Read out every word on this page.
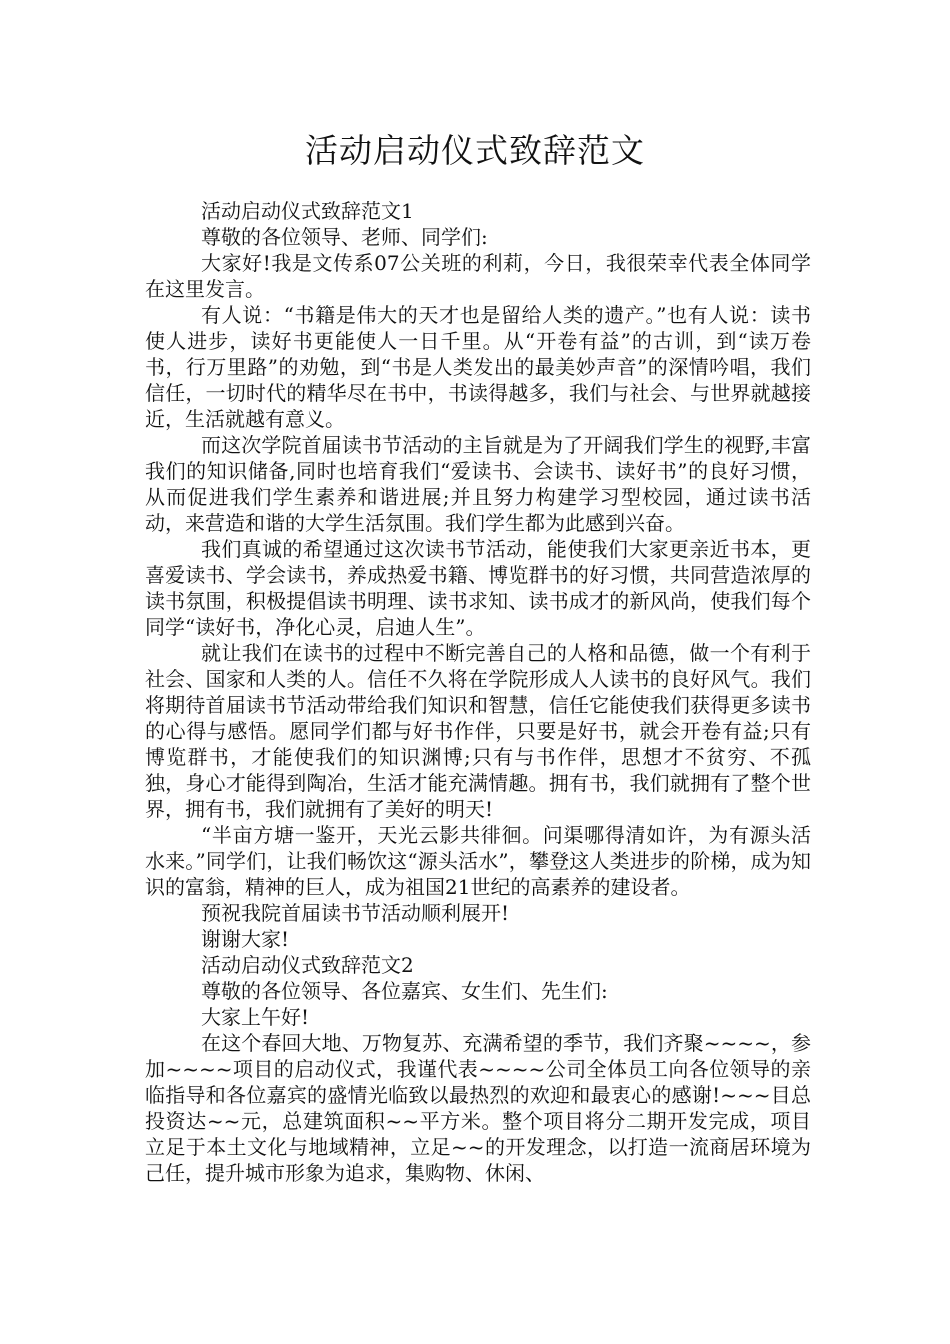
活动启动仪式致辞范文

活动启动仪式致辞范文1

尊敬的各位领导、老师、同学们:

大家好!我是文传系07公关班的利莉，今日，我很荣幸代表全体同学在这里发言。

有人说：“书籍是伟大的天才也是留给人类的遗产。”也有人说：读书使人进步，读好书更能使人一日千里。从“开卷有益”的古训，到“读万卷书，行万里路”的劝勉，到“书是人类发出的最美妙声音”的深情吟唱，我们信任，一切时代的精华尽在书中，书读得越多，我们与社会、与世界就越接近，生活就越有意义。

而这次学院首届读书节活动的主旨就是为了开阔我们学生的视野,丰富我们的知识储备,同时也培育我们“爱读书、会读书、读好书”的良好习惯，从而促进我们学生素养和谐进展;并且努力构建学习型校园，通过读书活动，来营造和谐的大学生活氛围。我们学生都为此感到兴奋。

我们真诚的希望通过这次读书节活动，能使我们大家更亲近书本，更喜爱读书、学会读书，养成热爱书籍、博览群书的好习惯，共同营造浓厚的读书氛围，积极提倡读书明理、读书求知、读书成才的新风尚，使我们每个同学“读好书，净化心灵，启迪人生”。

就让我们在读书的过程中不断完善自己的人格和品德，做一个有利于社会、国家和人类的人。信任不久将在学院形成人人读书的良好风气。我们将期待首届读书节活动带给我们知识和智慧，信任它能使我们获得更多读书的心得与感悟。愿同学们都与好书作伴，只要是好书，就会开卷有益;只有博览群书，才能使我们的知识渊博;只有与书作伴，思想才不贫穷、不孤独，身心才能得到陶冶，生活才能充满情趣。拥有书，我们就拥有了整个世界，拥有书，我们就拥有了美好的明天!

“半亩方塘一鉴开，天光云影共徘徊。问渠哪得清如许，为有源头活水来。”同学们，让我们畅饮这“源头活水”，攀登这人类进步的阶梯，成为知识的富翁，精神的巨人，成为祖国21世纪的高素养的建设者。

预祝我院首届读书节活动顺利展开!

谢谢大家!

活动启动仪式致辞范文2

尊敬的各位领导、各位嘉宾、女生们、先生们:

大家上午好!

在这个春回大地、万物复苏、充满希望的季节，我们齐聚~~~~，参加~~~~项目的启动仪式，我谨代表~~~~公司全体员工向各位领导的亲临指导和各位嘉宾的盛情光临致以最热烈的欢迎和最衷心的感谢!~~~目总投资达~~元，总建筑面积~~平方米。整个项目将分二期开发完成，项目立足于本土文化与地域精神，立足~~的开发理念，以打造一流商居环境为己任，提升城市形象为追求，集购物、休闲、
